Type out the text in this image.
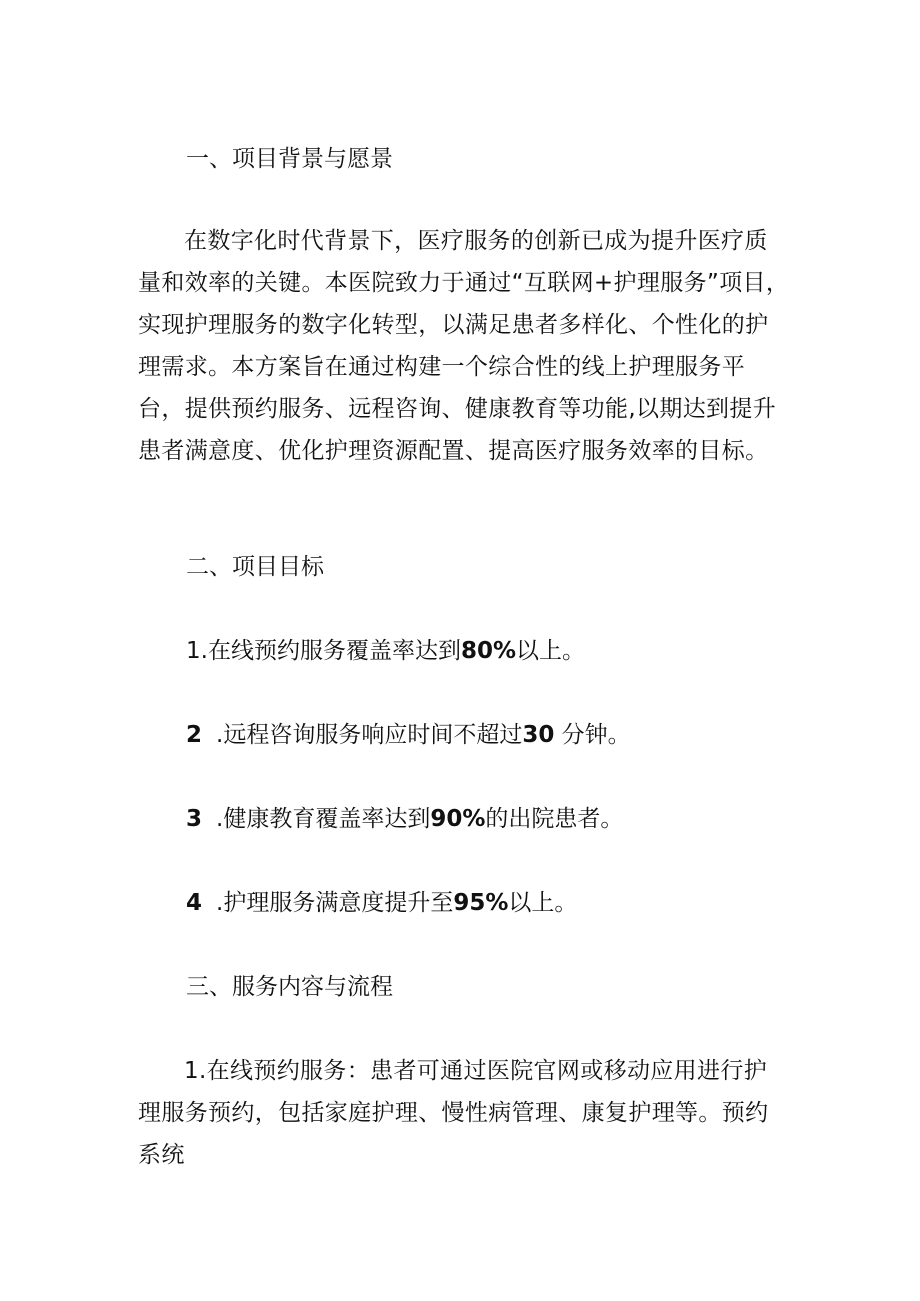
一、项目背景与愿景

在数字化时代背景下，医疗服务的创新已成为提升医疗质量和效率的关键。本医院致力于通过“互联网+护理服务”项目，实现护理服务的数字化转型，以满足患者多样化、个性化的护理需求。本方案旨在通过构建一个综合性的线上护理服务平台，提供预约服务、远程咨询、健康教育等功能,以期达到提升患者满意度、优化护理资源配置、提高医疗服务效率的目标。

二、项目目标
1.在线预约服务覆盖率达到80%以上。
2 .远程咨询服务响应时间不超过30 分钟。
3 .健康教育覆盖率达到90%的出院患者。
4 .护理服务满意度提升至95%以上。
三、服务内容与流程

1.在线预约服务：患者可通过医院官网或移动应用进行护理服务预约，包括家庭护理、慢性病管理、康复护理等。预约系统
